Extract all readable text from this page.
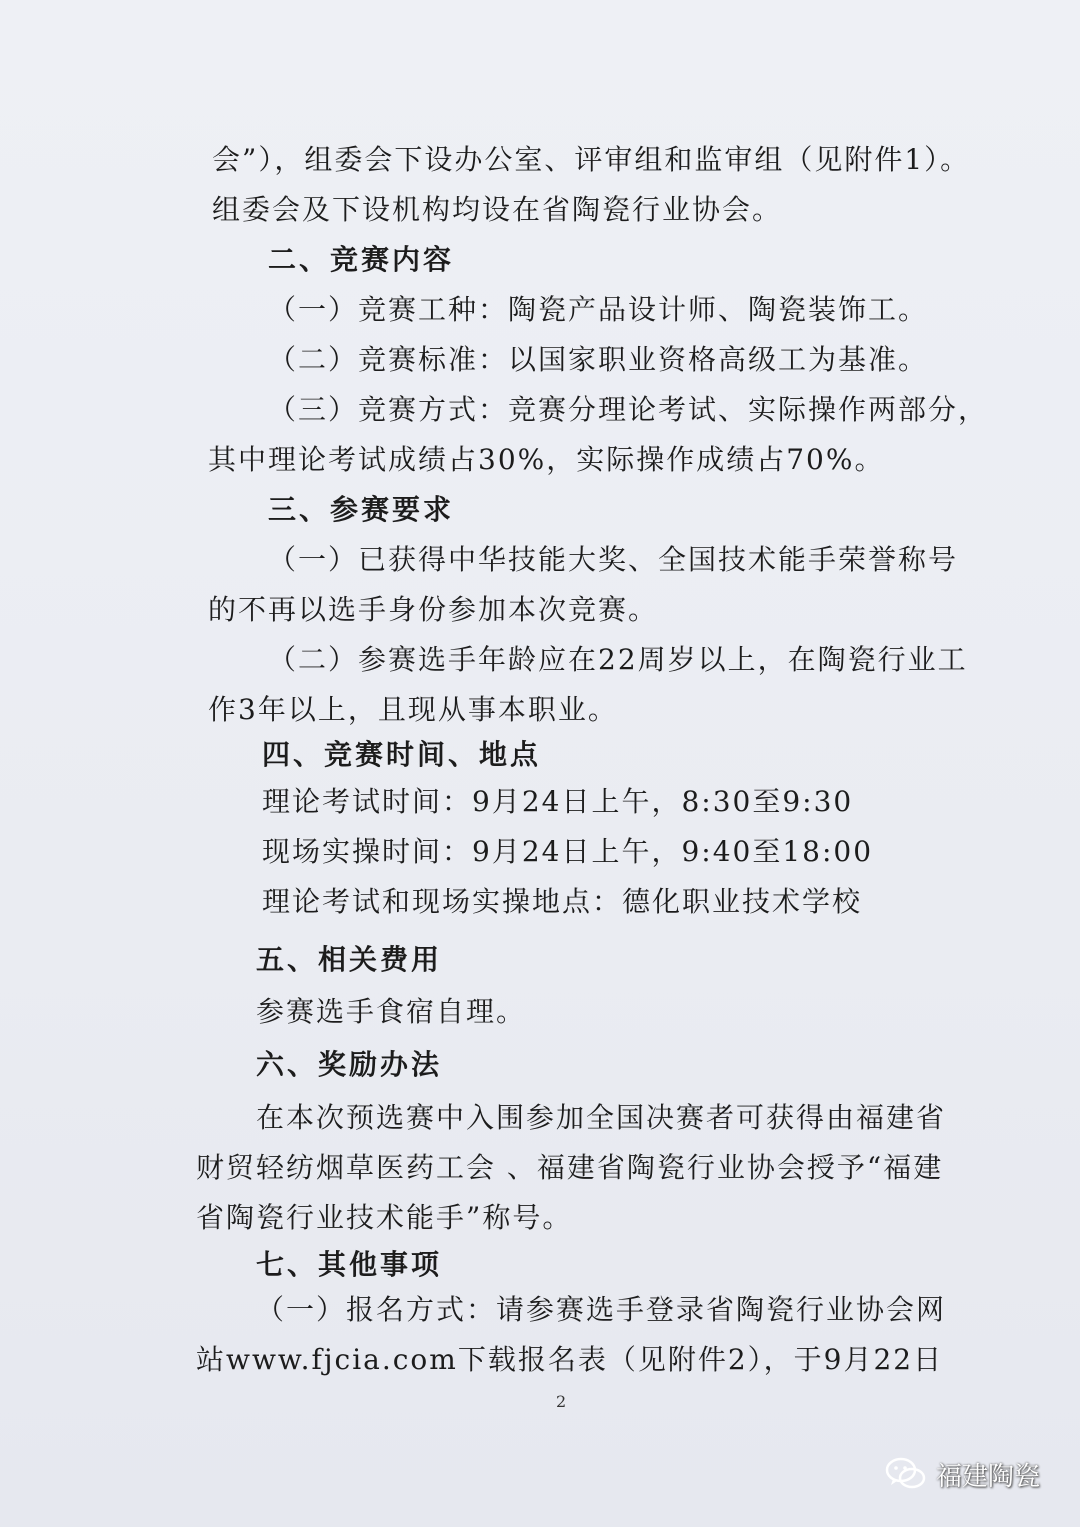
会”），组委会下设办公室、评审组和监审组（见附件1）。
组委会及下设机构均设在省陶瓷行业协会。
二、竞赛内容
（一）竞赛工种：陶瓷产品设计师、陶瓷装饰工。
（二）竞赛标准：以国家职业资格高级工为基准。
（三）竞赛方式：竞赛分理论考试、实际操作两部分，
其中理论考试成绩占30%，实际操作成绩占70%。
三、参赛要求
（一）已获得中华技能大奖、全国技术能手荣誉称号
的不再以选手身份参加本次竞赛。
（二）参赛选手年龄应在22周岁以上，在陶瓷行业工
作3年以上，且现从事本职业。
四、竞赛时间、地点
理论考试时间：9月24日上午，8:30至9:30
现场实操时间：9月24日上午，9:40至18:00
理论考试和现场实操地点：德化职业技术学校
五、相关费用
参赛选手食宿自理。
六、奖励办法
在本次预选赛中入围参加全国决赛者可获得由福建省
财贸轻纺烟草医药工会 、福建省陶瓷行业协会授予“福建
省陶瓷行业技术能手”称号。
七、其他事项
（一）报名方式：请参赛选手登录省陶瓷行业协会网
站www.fjcia.com下载报名表（见附件2），于9月22日
2
福建陶瓷
